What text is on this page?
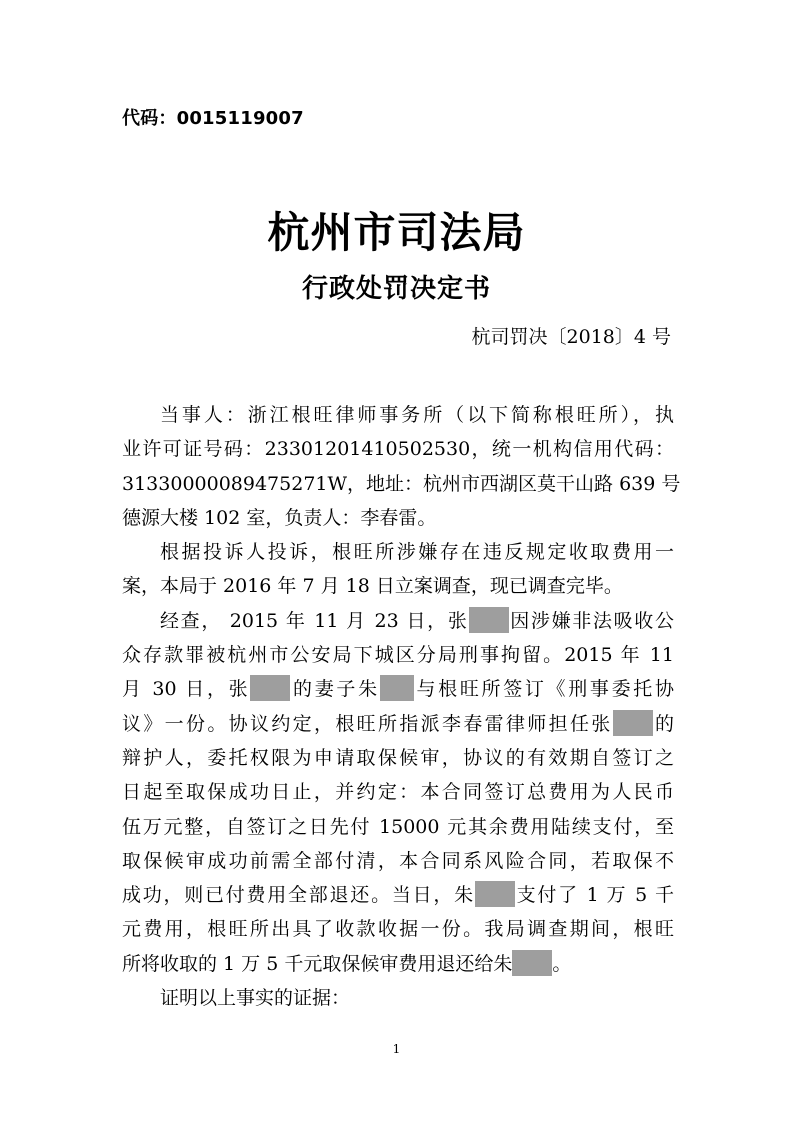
代码：0015119007
杭州市司法局
行政处罚决定书
杭司罚决〔2018〕4 号

当事人：浙江根旺律师事务所（以下简称根旺所），执
业许可证号码：23301201410502530，统一机构信用代码：
31330000089475271W，地址：杭州市西湖区莫干山路 639 号
德源大楼 102 室，负责人：李春雷。

根据投诉人投诉，根旺所涉嫌存在违反规定收取费用一
案，本局于 2016 年 7 月 18 日立案调查，现已调查完毕。

经查， 2015 年 11 月 23 日，张 因涉嫌非法吸收公
众存款罪被杭州市公安局下城区分局刑事拘留。2015 年 11
月 30 日，张 的妻子朱 与根旺所签订《刑事委托协
议》一份。协议约定，根旺所指派李春雷律师担任张 的
辩护人，委托权限为申请取保候审，协议的有效期自签订之
日起至取保成功日止，并约定：本合同签订总费用为人民币
伍万元整，自签订之日先付 15000 元其余费用陆续支付，至
取保候审成功前需全部付清，本合同系风险合同，若取保不
成功，则已付费用全部退还。当日，朱 支付了 1 万 5 千
元费用，根旺所出具了收款收据一份。我局调查期间，根旺
所将收取的 1 万 5 千元取保候审费用退还给朱 。

证明以上事实的证据：

1
